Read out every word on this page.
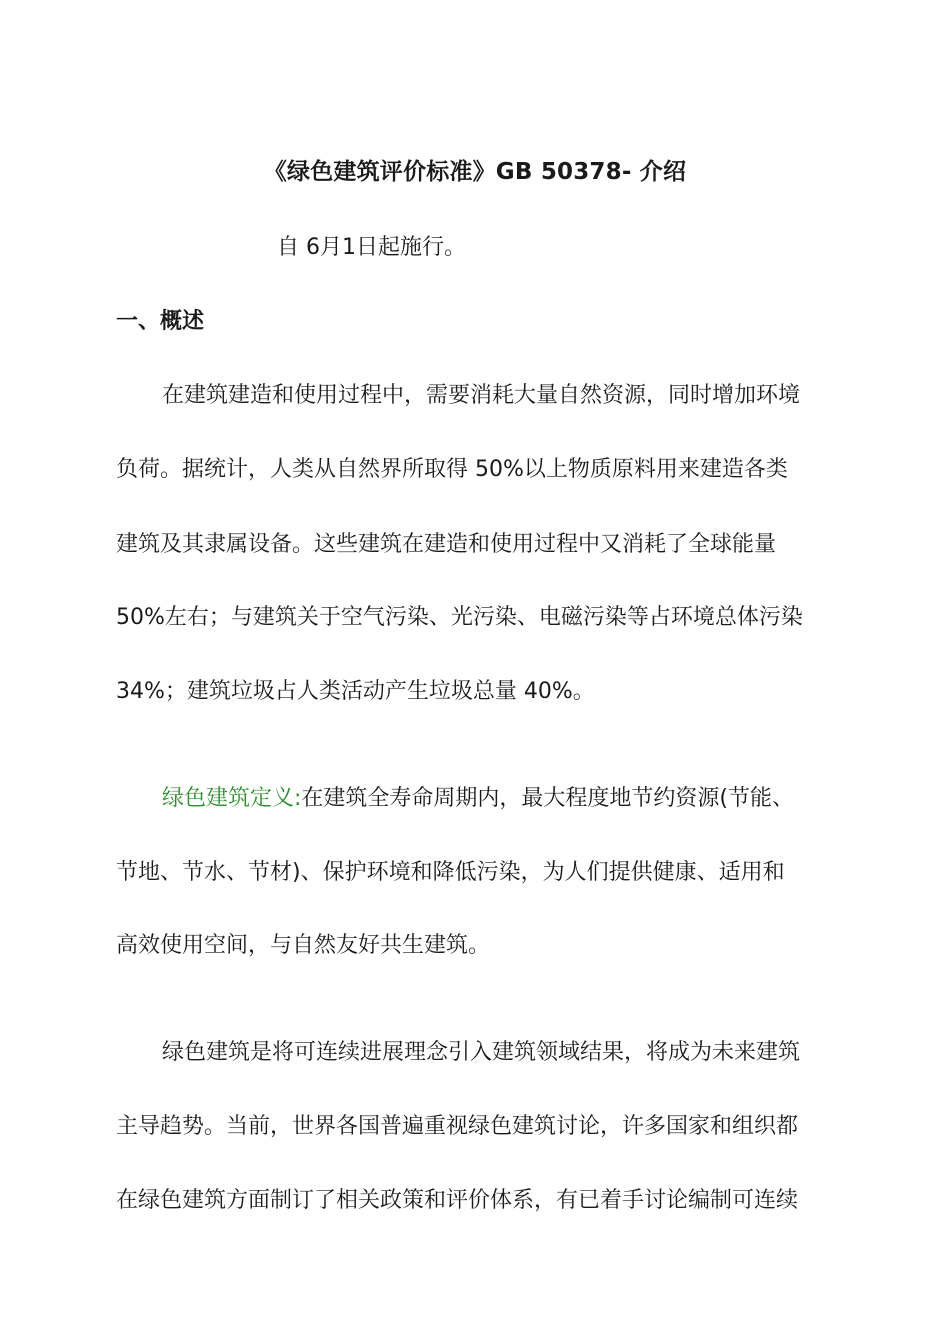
《绿色建筑评价标准》GB 50378- 介绍
自 6月1日起施行。
一、概述
在建筑建造和使用过程中，需要消耗大量自然资源，同时增加环境
负荷。据统计，人类从自然界所取得 50%以上物质原料用来建造各类
建筑及其隶属设备。这些建筑在建造和使用过程中又消耗了全球能量
50%左右；与建筑关于空气污染、光污染、电磁污染等占环境总体污染
34%；建筑垃圾占人类活动产生垃圾总量 40%。
绿色建筑定义:在建筑全寿命周期内，最大程度地节约资源(节能、
节地、节水、节材)、保护环境和降低污染，为人们提供健康、适用和
高效使用空间，与自然友好共生建筑。
绿色建筑是将可连续进展理念引入建筑领域结果，将成为未来建筑
主导趋势。当前，世界各国普遍重视绿色建筑讨论，许多国家和组织都
在绿色建筑方面制订了相关政策和评价体系，有已着手讨论编制可连续
